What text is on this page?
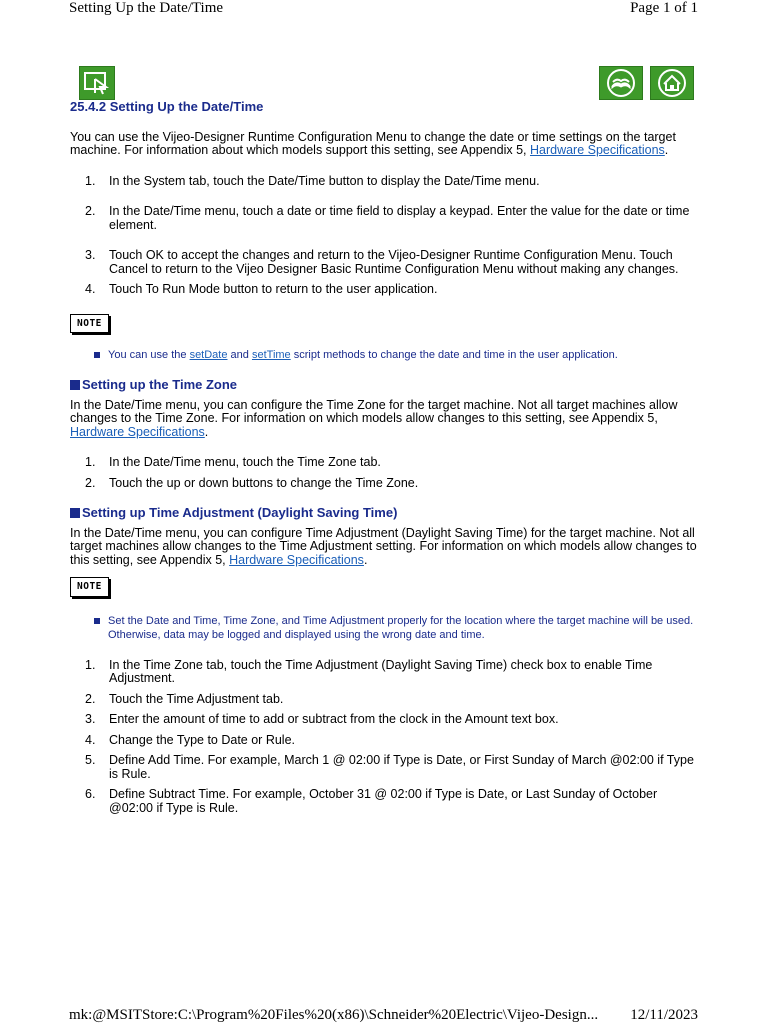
Setting Up the Date/Time	Page 1 of 1
25.4.2 Setting Up the Date/Time

You can use the Vijeo-Designer Runtime Configuration Menu to change the date or time settings on the target machine. For information about which models support this setting, see Appendix 5, Hardware Specifications.

1. In the System tab, touch the Date/Time button to display the Date/Time menu.
2. In the Date/Time menu, touch a date or time field to display a keypad. Enter the value for the date or time element.
3. Touch OK to accept the changes and return to the Vijeo-Designer Runtime Configuration Menu. Touch Cancel to return to the Vijeo Designer Basic Runtime Configuration Menu without making any changes.
4. Touch To Run Mode button to return to the user application.
NOTE
You can use the setDate and setTime script methods to change the date and time in the user application.
Setting up the Time Zone

In the Date/Time menu, you can configure the Time Zone for the target machine. Not all target machines allow changes to the Time Zone. For information on which models allow changes to this setting, see Appendix 5, Hardware Specifications.

1. In the Date/Time menu, touch the Time Zone tab.
2. Touch the up or down buttons to change the Time Zone.
Setting up Time Adjustment (Daylight Saving Time)

In the Date/Time menu, you can configure Time Adjustment (Daylight Saving Time) for the target machine. Not all target machines allow changes to the Time Adjustment setting. For information on which models allow changes to this setting, see Appendix 5, Hardware Specifications.

NOTE
Set the Date and Time, Time Zone, and Time Adjustment properly for the location where the target machine will be used. Otherwise, data may be logged and displayed using the wrong date and time.
1. In the Time Zone tab, touch the Time Adjustment (Daylight Saving Time) check box to enable Time Adjustment.
2. Touch the Time Adjustment tab.
3. Enter the amount of time to add or subtract from the clock in the Amount text box.
4. Change the Type to Date or Rule.
5. Define Add Time. For example, March 1 @ 02:00 if Type is Date, or First Sunday of March @02:00 if Type is Rule.
6. Define Subtract Time. For example, October 31 @ 02:00 if Type is Date, or Last Sunday of October @02:00 if Type is Rule.
mk:@MSITStore:C:\Program%20Files%20(x86)\Schneider%20Electric\Vijeo-Design... 12/11/2023
